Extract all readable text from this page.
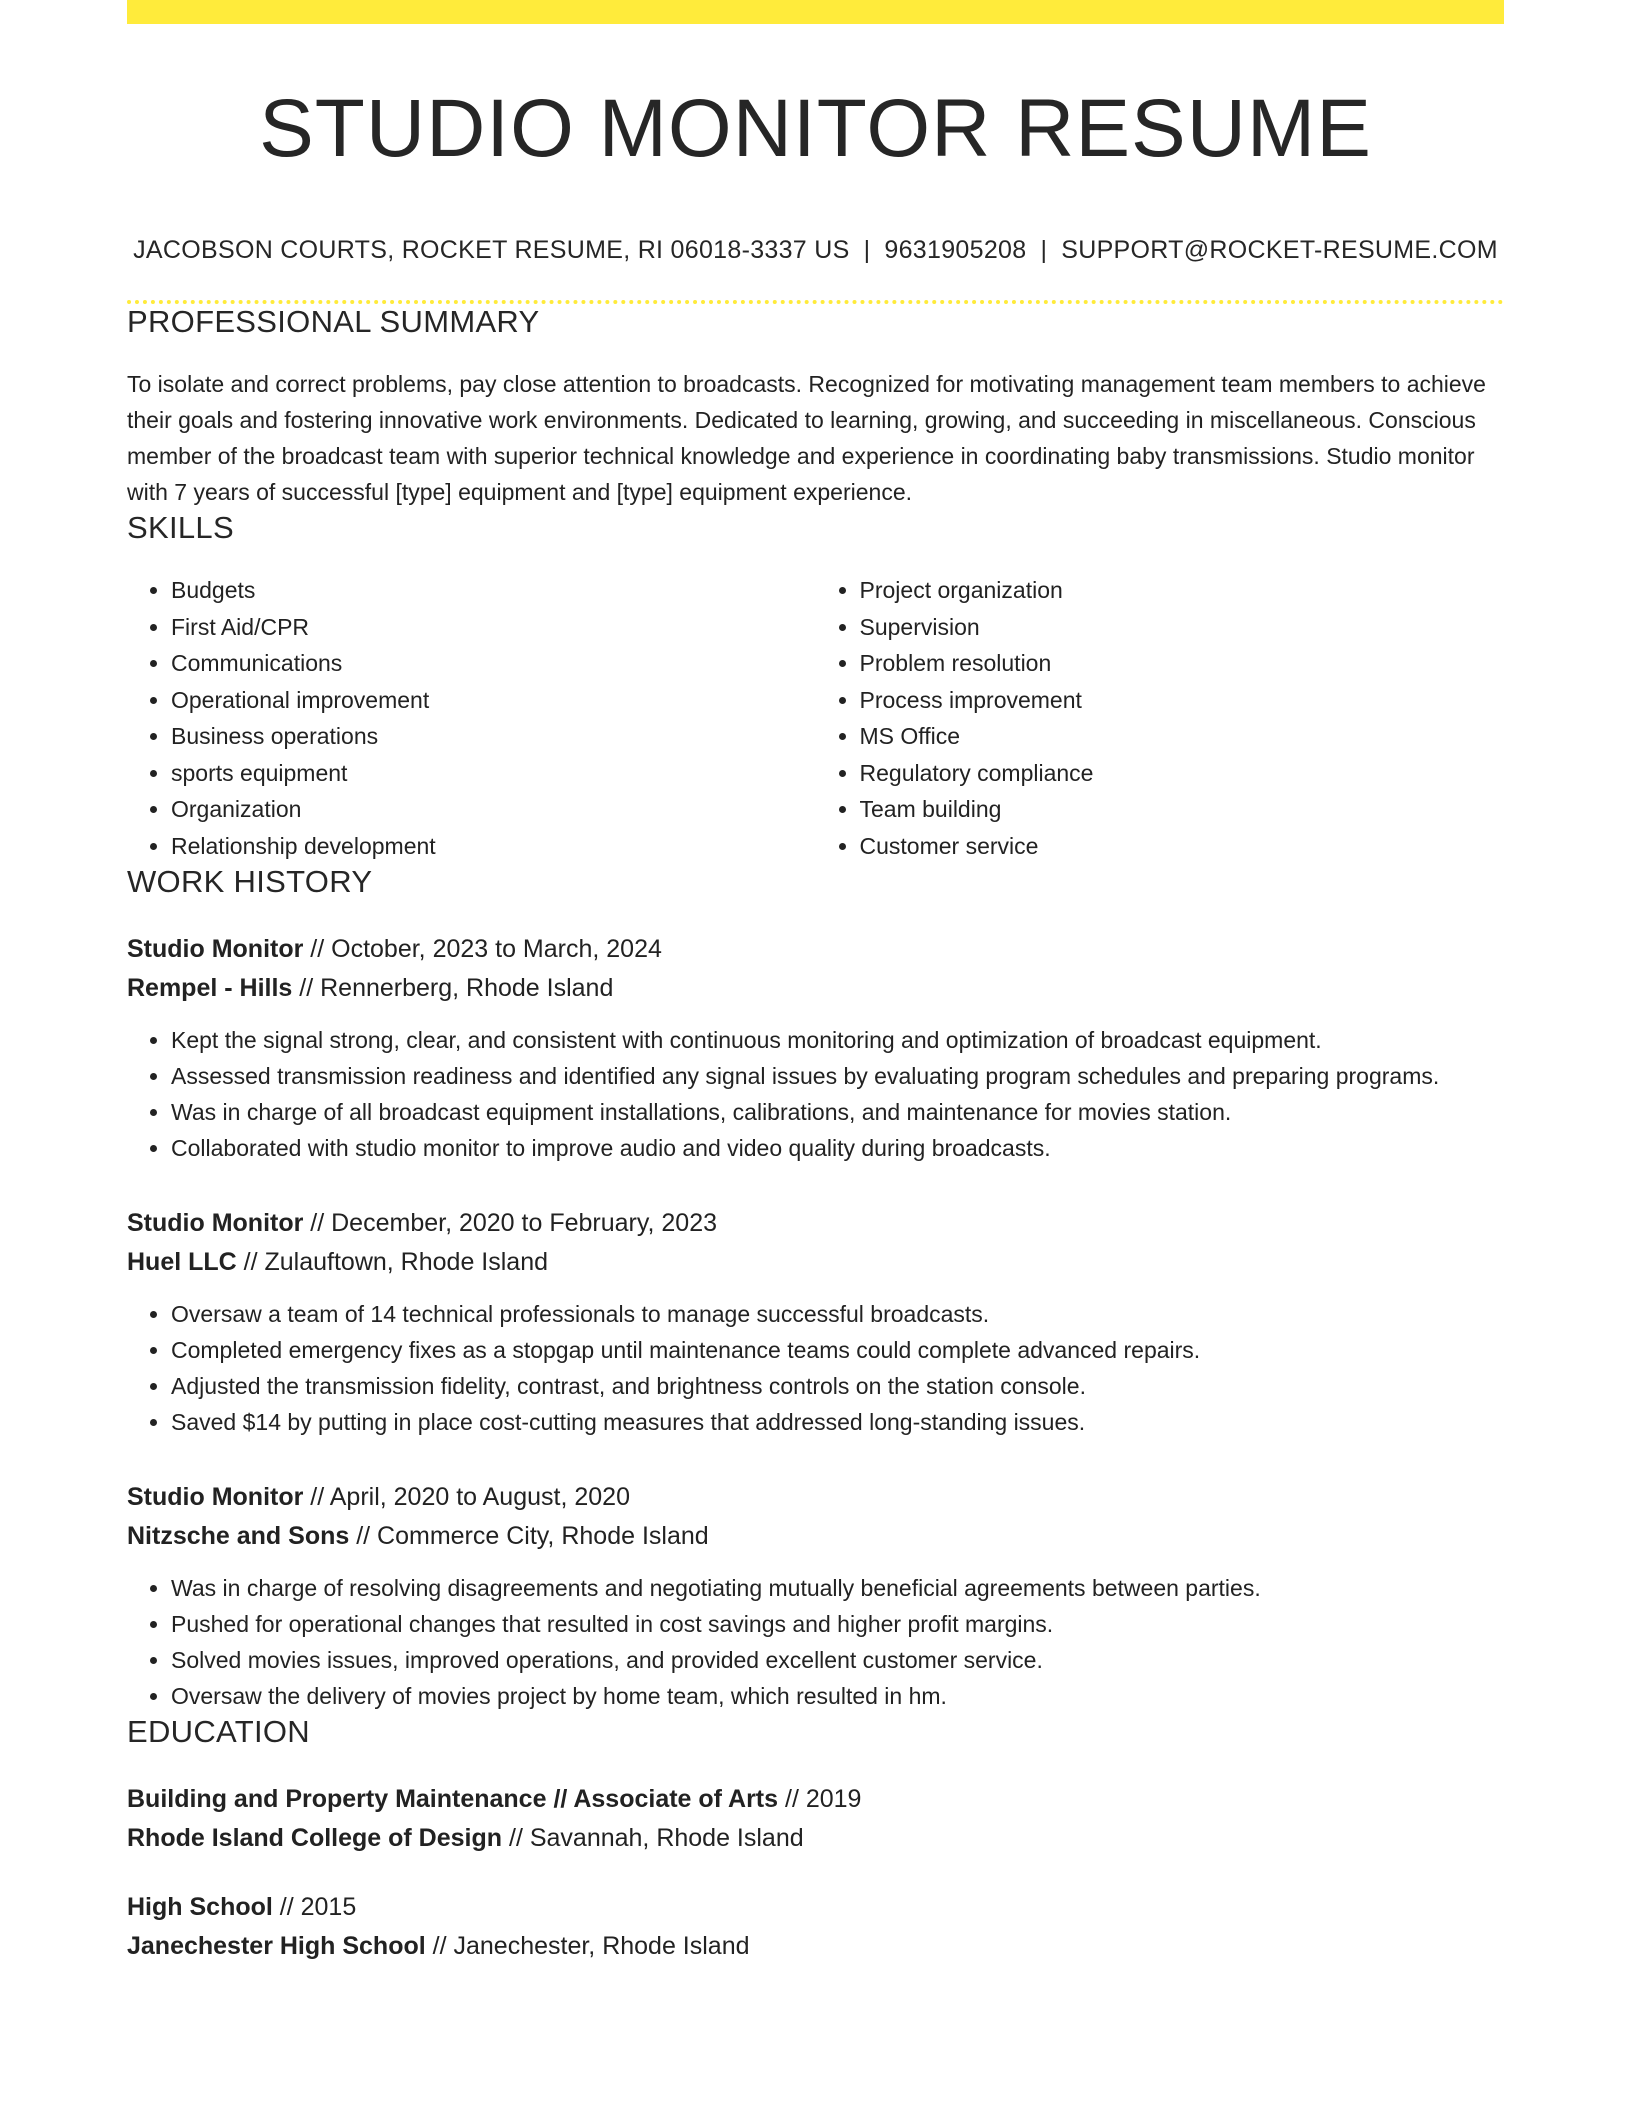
STUDIO MONITOR RESUME
JACOBSON COURTS, ROCKET RESUME, RI 06018-3337 US | 9631905208 | SUPPORT@ROCKET-RESUME.COM
PROFESSIONAL SUMMARY

To isolate and correct problems, pay close attention to broadcasts. Recognized for motivating management team members to achieve their goals and fostering innovative work environments. Dedicated to learning, growing, and succeeding in miscellaneous. Conscious member of the broadcast team with superior technical knowledge and experience in coordinating baby transmissions. Studio monitor with 7 years of successful [type] equipment and [type] equipment experience.

SKILLS
• Budgets
• First Aid/CPR
• Communications
• Operational improvement
• Business operations
• sports equipment
• Organization
• Relationship development
• Project organization
• Supervision
• Problem resolution
• Process improvement
• MS Office
• Regulatory compliance
• Team building
• Customer service
WORK HISTORY
Studio Monitor // October, 2023 to March, 2024
Rempel - Hills // Rennerberg, Rhode Island
• Kept the signal strong, clear, and consistent with continuous monitoring and optimization of broadcast equipment.
• Assessed transmission readiness and identified any signal issues by evaluating program schedules and preparing programs.
• Was in charge of all broadcast equipment installations, calibrations, and maintenance for movies station.
• Collaborated with studio monitor to improve audio and video quality during broadcasts.
Studio Monitor // December, 2020 to February, 2023
Huel LLC // Zulauftown, Rhode Island
• Oversaw a team of 14 technical professionals to manage successful broadcasts.
• Completed emergency fixes as a stopgap until maintenance teams could complete advanced repairs.
• Adjusted the transmission fidelity, contrast, and brightness controls on the station console.
• Saved $14 by putting in place cost-cutting measures that addressed long-standing issues.
Studio Monitor // April, 2020 to August, 2020
Nitzsche and Sons // Commerce City, Rhode Island
• Was in charge of resolving disagreements and negotiating mutually beneficial agreements between parties.
• Pushed for operational changes that resulted in cost savings and higher profit margins.
• Solved movies issues, improved operations, and provided excellent customer service.
• Oversaw the delivery of movies project by home team, which resulted in hm.
EDUCATION
Building and Property Maintenance // Associate of Arts // 2019
Rhode Island College of Design // Savannah, Rhode Island
High School // 2015
Janechester High School // Janechester, Rhode Island
